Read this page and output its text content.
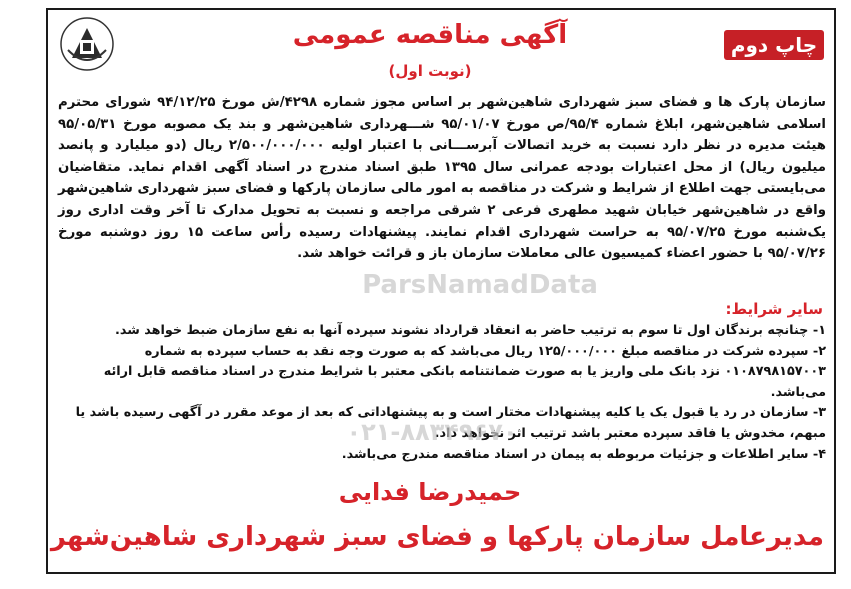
چاپ دوم
آگهی مناقصه عمومی
(نوبت اول)
سازمان پارک ها و فضای سبز شهرداری شاهین‌شهر بر اساس مجوز شماره ۴۲۹۸/ش مورخ ۹۴/۱۲/۲۵ شورای محترم اسلامی شاهین‌شهر، ابلاغ شماره ۹۵/۴/ص مورخ ۹۵/۰۱/۰۷ شـــهرداری شاهین‌شهر و بند یک مصوبه مورخ ۹۵/۰۵/۳۱ هیئت مدیره در نظر دارد نسبت به خرید اتصالات آبرســـانی با اعتبار اولیه ۲/۵۰۰/۰۰۰/۰۰۰ ریال (دو میلیارد و پانصد میلیون ریال) از محل اعتبارات بودجه عمرانی سال ۱۳۹۵ طبق اسناد مندرج در اسناد آگهی اقدام نماید. متقاضیان می‌بایستی جهت اطلاع از شرایط و شرکت در مناقصه به امور مالی سازمان پارکها و فضای سبز شهرداری شاهین‌شهر واقع در شاهین‌شهر خیابان شهید مطهری فرعی ۲ شرقی مراجعه و نسبت به تحویل مدارک تا آخر وقت اداری روز یک‌شنبه مورخ ۹۵/۰۷/۲۵ به حراست شهرداری اقدام نمایند. پیشنهادات رسیده رأس ساعت ۱۵ روز دوشنبه مورخ ۹۵/۰۷/۲۶ با حضور اعضاء کمیسیون عالی معاملات سازمان باز و قرائت خواهد شد.
ParsNamadData
سایر شرایط:
۱- چنانچه برندگان اول تا سوم به ترتیب حاضر به انعقاد قرارداد نشوند سپرده آنها به نفع سازمان ضبط خواهد شد.
۲- سپرده شرکت در مناقصه مبلغ ۱۲۵/۰۰۰/۰۰۰ ریال می‌باشد که به صورت وجه نقد به حساب سپرده به شماره ۰۱۰۸۷۹۸۱۵۷۰۰۳ نزد بانک ملی واریز یا به صورت ضمانتنامه بانکی معتبر با شرایط مندرج در اسناد مناقصه قابل ارائه می‌باشد.
۳- سازمان در رد یا قبول یک یا کلیه پیشنهادات مختار است و به پیشنهاداتی که بعد از موعد مقرر در آگهی رسیده باشد یا مبهم، مخدوش یا فاقد سپرده معتبر باشد ترتیب اثر نخواهد داد.
۴- سایر اطلاعات و جزئیات مربوطه به پیمان در اسناد مناقصه مندرج می‌باشد.
۰۲۱-۸۸۳۴۹۶۷۰
حمیدرضا فدایی
مدیرعامل سازمان پارکها و فضای سبز شهرداری شاهین‌شهر
